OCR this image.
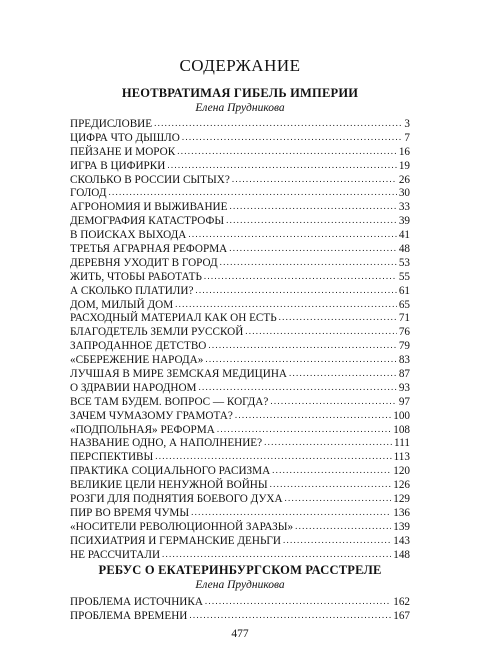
СОДЕРЖАНИЕ
НЕОТВРАТИМАЯ ГИБЕЛЬ ИМПЕРИИ
Елена Прудникова
ПРЕДИСЛОВИЕ . . .	3
ЦИФРА ЧТО ДЫШЛО . . .	7
ПЕЙЗАНЕ И МОРОК . . .	16
ИГРА В ЦИФИРКИ . . .	19
СКОЛЬКО В РОССИИ СЫТЫХ? . . .	26
ГОЛОД . . .	30
АГРОНОМИЯ И ВЫЖИВАНИЕ . . .	33
ДЕМОГРАФИЯ КАТАСТРОФЫ . . .	39
В ПОИСКАХ ВЫХОДА . . .	41
ТРЕТЬЯ АГРАРНАЯ РЕФОРМА . . .	48
ДЕРЕВНЯ УХОДИТ В ГОРОД . . .	53
ЖИТЬ, ЧТОБЫ РАБОТАТЬ . . .	55
А СКОЛЬКО ПЛАТИЛИ? . . .	61
ДОМ, МИЛЫЙ ДОМ . . .	65
РАСХОДНЫЙ МАТЕРИАЛ КАК ОН ЕСТЬ . . .	71
БЛАГОДЕТЕЛЬ ЗЕМЛИ РУССКОЙ . . .	76
ЗАПРОДАННОЕ ДЕТСТВО . . .	79
«СБЕРЕЖЕНИЕ НАРОДА» . . .	83
ЛУЧШАЯ В МИРЕ ЗЕМСКАЯ МЕДИЦИНА . . .	87
О ЗДРАВИИ НАРОДНОМ . . .	93
ВСЕ ТАМ БУДЕМ. ВОПРОС — КОГДА? . . .	97
ЗАЧЕМ ЧУМАЗОМУ ГРАМОТА? . . .	100
«ПОДПОЛЬНАЯ» РЕФОРМА . . .	108
НАЗВАНИЕ ОДНО, А НАПОЛНЕНИЕ? . . .	111
ПЕРСПЕКТИВЫ . . .	113
ПРАКТИКА СОЦИАЛЬНОГО РАСИЗМА . . .	120
ВЕЛИКИЕ ЦЕЛИ НЕНУЖНОЙ ВОЙНЫ . . .	126
РОЗГИ ДЛЯ ПОДНЯТИЯ БОЕВОГО ДУХА . . .	129
ПИР ВО ВРЕМЯ ЧУМЫ . . .	136
«НОСИТЕЛИ РЕВОЛЮЦИОННОЙ ЗАРАЗЫ» . . .	139
ПСИХИАТРИЯ И ГЕРМАНСКИЕ ДЕНЬГИ . . .	143
НЕ РАССЧИТАЛИ . . .	148
РЕБУС О ЕКАТЕРИНБУРГСКОМ РАССТРЕЛЕ
Елена Прудникова
ПРОБЛЕМА ИСТОЧНИКА . . .	162
ПРОБЛЕМА ВРЕМЕНИ . . .	167
477
